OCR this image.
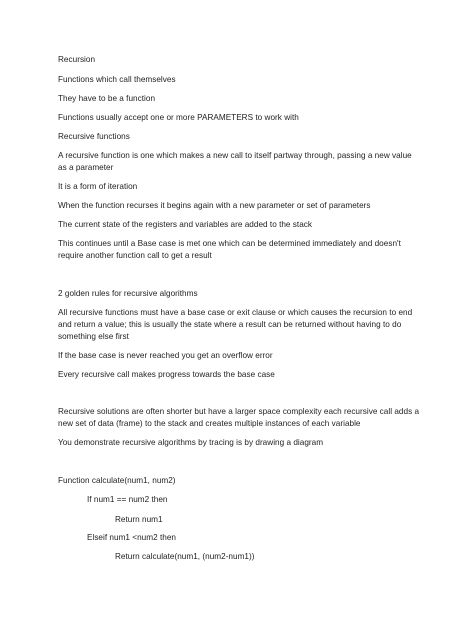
Recursion

Functions which call themselves

They have to be a function

Functions usually accept one or more PARAMETERS to work with

Recursive functions

A recursive function is one which makes a new call to itself partway through, passing a new value as a parameter

It is a form of iteration

When the function recurses it begins again with a new parameter or set of parameters

The current state of the registers and variables are added to the stack

This continues until a Base case is met one which can be determined immediately and doesn't require another function call to get a result

2 golden rules for recursive algorithms

All recursive functions must have a base case or exit clause or which causes the recursion to end and return a value; this is usually the state where a result can be returned without having to do something else first

If the base case is never reached you get an overflow error

Every recursive call makes progress towards the base case

Recursive solutions are often shorter but have a larger space complexity each recursive call adds a new set of data (frame) to the stack and creates multiple instances of each variable

You demonstrate recursive algorithms by tracing is by drawing a diagram

Function calculate(num1, num2)

If num1 == num2 then

Return num1

Elseif num1 <num2 then

Return calculate(num1, (num2-num1))
